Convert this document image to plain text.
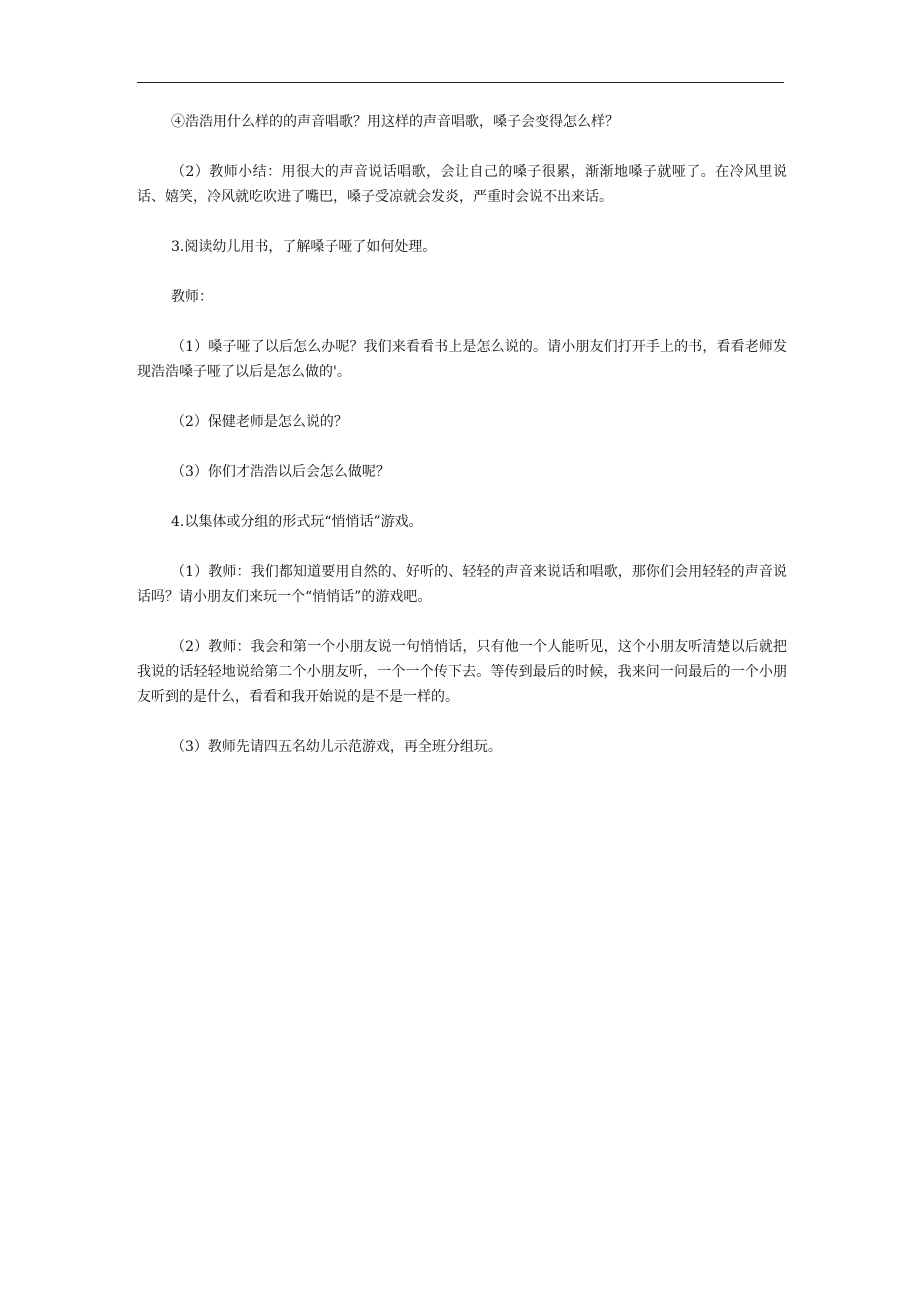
④浩浩用什么样的的声音唱歌？用这样的声音唱歌，嗓子会变得怎么样？

（2）教师小结：用很大的声音说话唱歌，会让自己的嗓子很累，渐渐地嗓子就哑了。在冷风里说话、嬉笑，冷风就吃吹进了嘴巴，嗓子受凉就会发炎，严重时会说不出来话。

3.阅读幼儿用书，了解嗓子哑了如何处理。

教师：

（1）嗓子哑了以后怎么办呢？我们来看看书上是怎么说的。请小朋友们打开手上的书，看看老师发现浩浩嗓子哑了以后是怎么做的'。

（2）保健老师是怎么说的？

（3）你们才浩浩以后会怎么做呢？

4.以集体或分组的形式玩“悄悄话”游戏。

（1）教师：我们都知道要用自然的、好听的、轻轻的声音来说话和唱歌，那你们会用轻轻的声音说话吗？请小朋友们来玩一个“悄悄话”的游戏吧。

（2）教师：我会和第一个小朋友说一句悄悄话，只有他一个人能听见，这个小朋友听清楚以后就把我说的话轻轻地说给第二个小朋友听，一个一个传下去。等传到最后的时候，我来问一问最后的一个小朋友听到的是什么，看看和我开始说的是不是一样的。

（3）教师先请四五名幼儿示范游戏，再全班分组玩。
